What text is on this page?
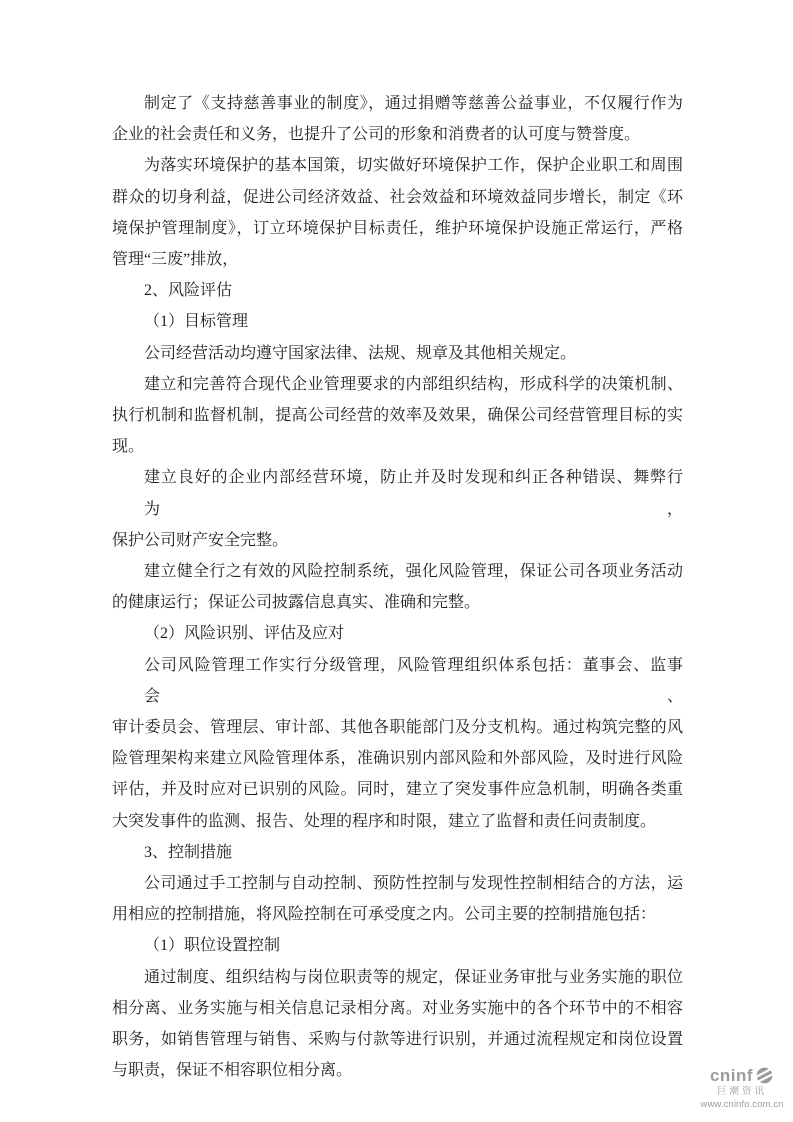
制定了《支持慈善事业的制度》，通过捐赠等慈善公益事业，不仅履行作为
企业的社会责任和义务，也提升了公司的形象和消费者的认可度与赞誉度。
为落实环境保护的基本国策，切实做好环境保护工作，保护企业职工和周围
群众的切身利益，促进公司经济效益、社会效益和环境效益同步增长，制定《环
境保护管理制度》，订立环境保护目标责任，维护环境保护设施正常运行，严格
管理“三废”排放，
2、风险评估
（1）目标管理
公司经营活动均遵守国家法律、法规、规章及其他相关规定。
建立和完善符合现代企业管理要求的内部组织结构，形成科学的决策机制、
执行机制和监督机制，提高公司经营的效率及效果，确保公司经营管理目标的实
现。
建立良好的企业内部经营环境，防止并及时发现和纠正各种错误、舞弊行为，
保护公司财产安全完整。
建立健全行之有效的风险控制系统，强化风险管理，保证公司各项业务活动
的健康运行；保证公司披露信息真实、准确和完整。
（2）风险识别、评估及应对
公司风险管理工作实行分级管理，风险管理组织体系包括：董事会、监事会、
审计委员会、管理层、审计部、其他各职能部门及分支机构。通过构筑完整的风
险管理架构来建立风险管理体系，准确识别内部风险和外部风险，及时进行风险
评估，并及时应对已识别的风险。同时，建立了突发事件应急机制，明确各类重
大突发事件的监测、报告、处理的程序和时限，建立了监督和责任问责制度。
3、控制措施
公司通过手工控制与自动控制、预防性控制与发现性控制相结合的方法，运
用相应的控制措施，将风险控制在可承受度之内。公司主要的控制措施包括：
（1）职位设置控制
通过制度、组织结构与岗位职责等的规定，保证业务审批与业务实施的职位
相分离、业务实施与相关信息记录相分离。对业务实施中的各个环节中的不相容
职务，如销售管理与销售、采购与付款等进行识别，并通过流程规定和岗位设置
与职责，保证不相容职位相分离。	cninf
巨潮资讯
www.cninfo.com.cn
